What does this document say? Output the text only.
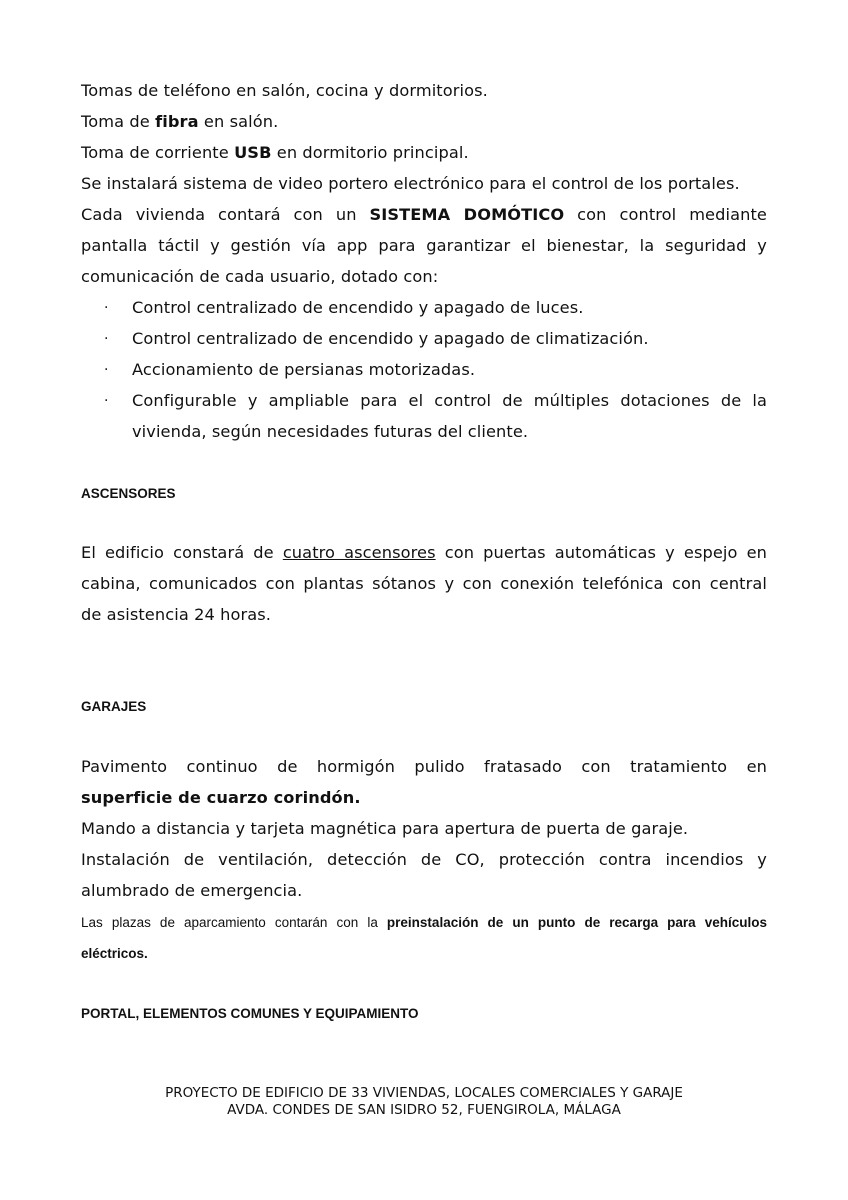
Tomas de teléfono en salón, cocina y dormitorios.
Toma de fibra en salón.
Toma de corriente USB en dormitorio principal.
Se instalará sistema de video portero electrónico para el control de los portales.
Cada vivienda contará con un SISTEMA DOMÓTICO con control mediante
pantalla táctil y gestión vía app para garantizar el bienestar, la seguridad y
comunicación de cada usuario, dotado con:
· Control centralizado de encendido y apagado de luces.
· Control centralizado de encendido y apagado de climatización.
· Accionamiento de persianas motorizadas.
· Configurable y ampliable para el control de múltiples dotaciones de la
vivienda, según necesidades futuras del cliente.
ASCENSORES
El edificio constará de cuatro ascensores con puertas automáticas y espejo en
cabina, comunicados con plantas sótanos y con conexión telefónica con central
de asistencia 24 horas.
GARAJES
Pavimento continuo de hormigón pulido fratasado con tratamiento en
superficie de cuarzo corindón.
Mando a distancia y tarjeta magnética para apertura de puerta de garaje.
Instalación de ventilación, detección de CO, protección contra incendios y
alumbrado de emergencia.
Las plazas de aparcamiento contarán con la preinstalación de un punto de recarga para vehículos
eléctricos.
PORTAL, ELEMENTOS COMUNES Y EQUIPAMIENTO
PROYECTO DE EDIFICIO DE 33 VIVIENDAS, LOCALES COMERCIALES Y GARAJE
AVDA. CONDES DE SAN ISIDRO 52, FUENGIROLA, MÁLAGA
